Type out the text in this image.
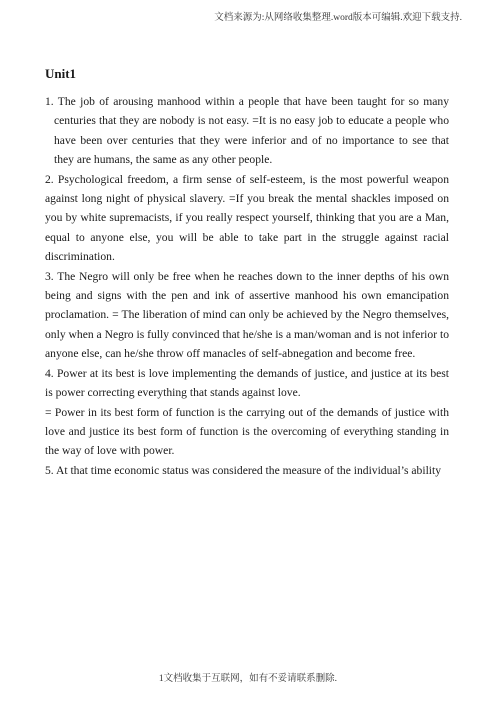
文档来源为:从网络收集整理.word版本可编辑.欢迎下载支持.
Unit1

1. The job of arousing manhood within a people that have been taught for so many centuries that they are nobody is not easy. =It is no easy job to educate a people who have been over centuries that they were inferior and of no importance to see that they are humans, the same as any other people.

2. Psychological freedom, a firm sense of self-esteem, is the most powerful weapon against long night of physical slavery. =If you break the mental shackles imposed on you by white supremacists, if you really respect yourself, thinking that you are a Man, equal to anyone else, you will be able to take part in the struggle against racial discrimination.

3. The Negro will only be free when he reaches down to the inner depths of his own being and signs with the pen and ink of assertive manhood his own emancipation proclamation. = The liberation of mind can only be achieved by the Negro themselves, only when a Negro is fully convinced that he/she is a man/woman and is not inferior to anyone else, can he/she throw off manacles of self-abnegation and become free.

4. Power at its best is love implementing the demands of justice, and justice at its best is power correcting everything that stands against love.

= Power in its best form of function is the carrying out of the demands of justice with love and justice its best form of function is the overcoming of everything standing in the way of love with power.

5. At that time economic status was considered the measure of the individual’s ability

1文档收集于互联网，如有不妥请联系删除.
